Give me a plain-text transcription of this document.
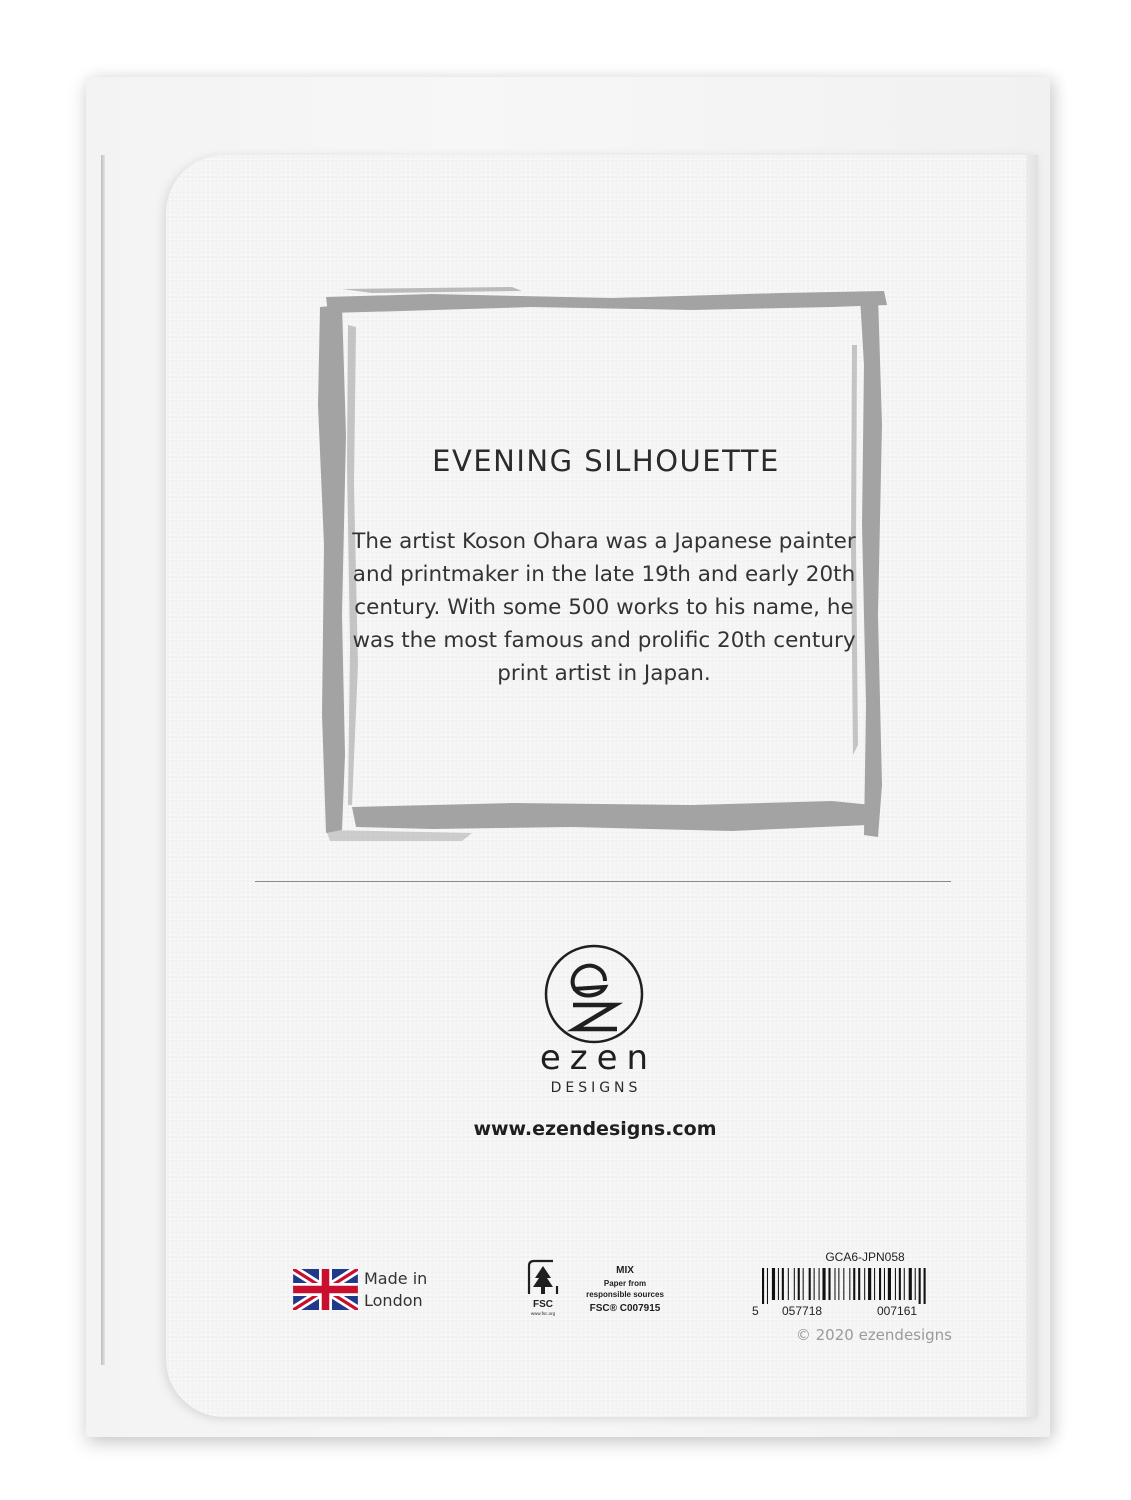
EVENING SILHOUETTE
The artist Koson Ohara was a Japanese painter and printmaker in the late 19th and early 20th century. With some 500 works to his name, he was the most famous and prolific 20th century print artist in Japan.
ezen
DESIGNS
www.ezendesigns.com
Made in
London	FSC
www.fsc.org
MIX
Paper from
responsible sources
FSC® C007915
GCA6-JPN058
5 057718	007161
© 2020 ezendesigns
